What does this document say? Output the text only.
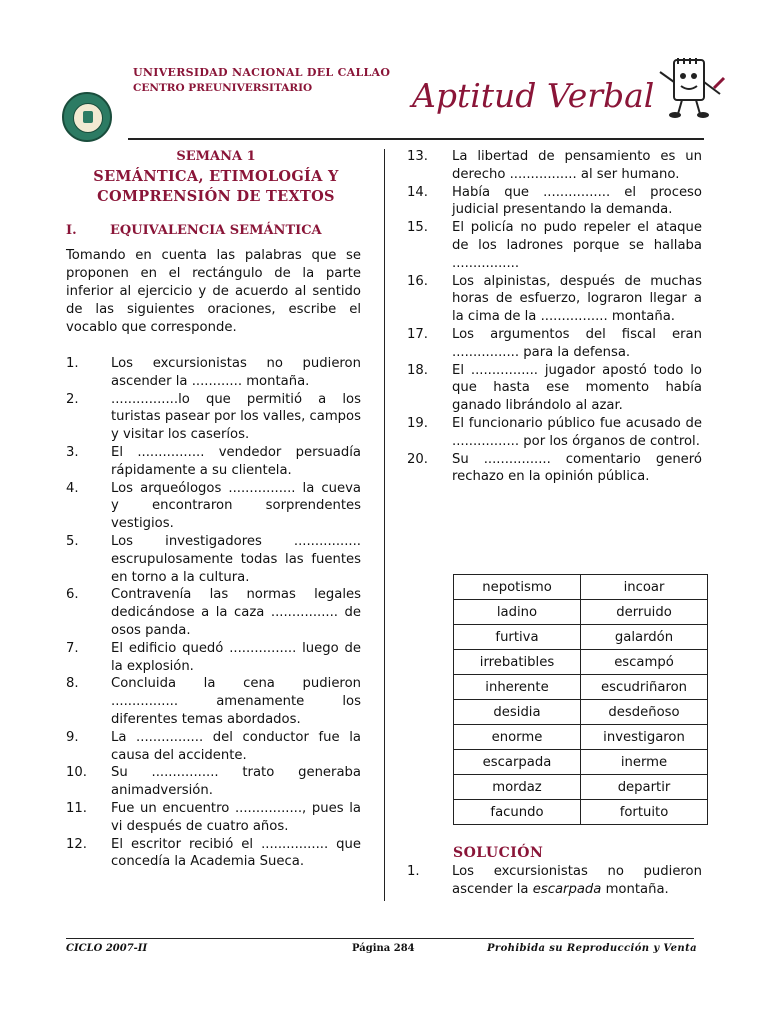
UNIVERSIDAD NACIONAL DEL CALLAO
CENTRO PREUNIVERSITARIO	Aptitud Verbal
SEMANA 1
SEMÁNTICA, ETIMOLOGÍA Y
COMPRENSIÓN DE TEXTOS
I.	EQUIVALENCIA SEMÁNTICA
Tomando en cuenta las palabras que se proponen en el rectángulo de la parte inferior al ejercicio y de acuerdo al sentido de las siguientes oraciones, escribe el vocablo que corresponde.
1. Los excursionistas no pudieron ascender la ............ montaña.
2. ................lo que permitió a los turistas pasear por los valles, campos y visitar los caseríos.
3. El ................ vendedor persuadía rápidamente a su clientela.
4. Los arqueólogos ................ la cueva y encontraron sorprendentes vestigios.
5. Los investigadores ................ escrupulosamente todas las fuentes en torno a la cultura.
6. Contravenía las normas legales dedicándose a la caza ................ de osos panda.
7. El edificio quedó ................ luego de la explosión.
8. Concluida la cena pudieron ................ amenamente los diferentes temas abordados.
9. La ................ del conductor fue la causa del accidente.
10. Su ................ trato generaba animadversión.
11. Fue un encuentro ................, pues la vi después de cuatro años.
12. El escritor recibió el ................ que concedía la Academia Sueca.
13. La libertad de pensamiento es un derecho ................ al ser humano.
14. Había que ................ el proceso judicial presentando la demanda.
15. El policía no pudo repeler el ataque de los ladrones porque se hallaba ................
16. Los alpinistas, después de muchas horas de esfuerzo, lograron llegar a la cima de la ................ montaña.
17. Los argumentos del fiscal eran ................ para la defensa.
18. El ................ jugador apostó todo lo que hasta ese momento había ganado librándolo al azar.
19. El funcionario público fue acusado de ................ por los órganos de control.
20. Su ................ comentario generó rechazo en la opinión pública.
nepotismo	incoar
ladino	derruido
furtiva	galardón
irrebatibles	escampó
inherente	escudriñaron
desidia	desdeñoso
enorme	investigaron
escarpada	inerme
mordaz	departir
facundo	fortuito
SOLUCIÓN
1. Los excursionistas no pudieron ascender la escarpada montaña.
CICLO 2007-II	Página 284	Prohibida su Reproducción y Venta
